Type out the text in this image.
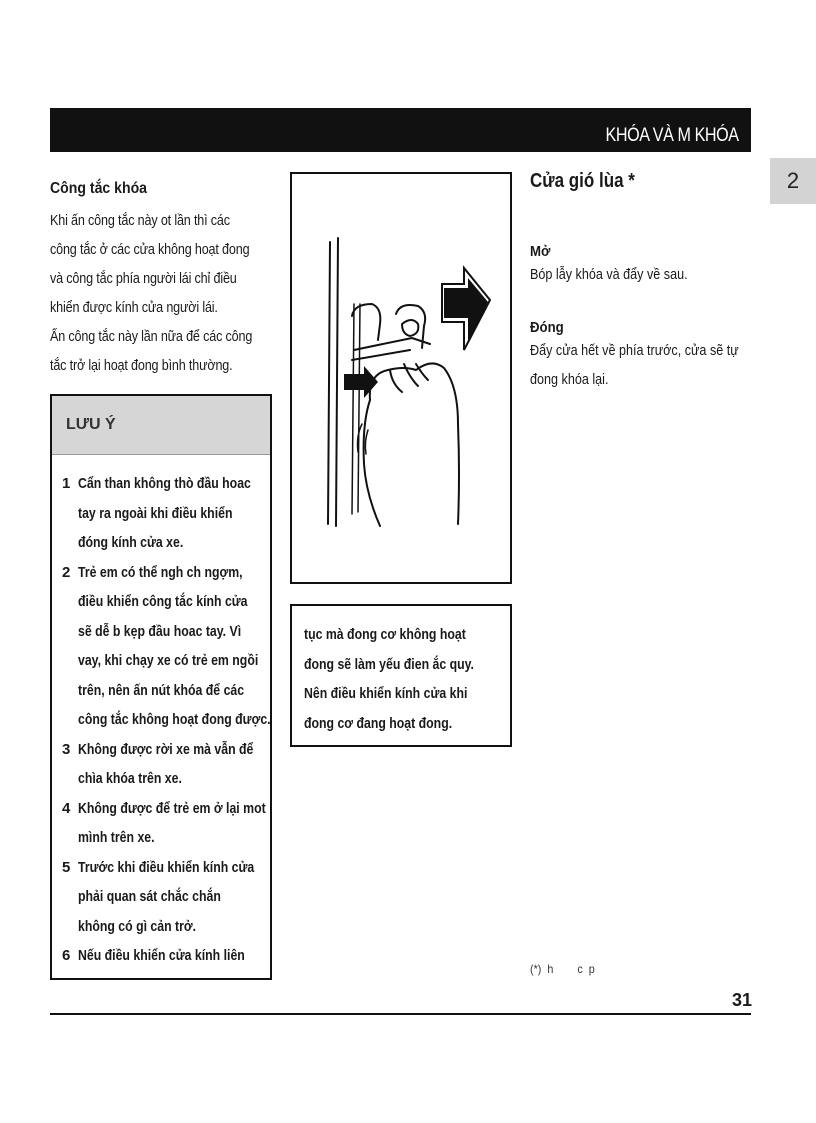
KHÓA VÀ M KHÓA
2

Công tắc khóa

Khi ấn công tắc này ot lần thì các
công tắc ở các cửa không hoạt đong
và công tắc phía người lái chỉ điều
khiển được kính cửa người lái.
Ấn công tắc này lần nữa để các công
tắc trở lại hoạt đong bình thường.

LƯU Ý
1 Cẩn than không thò đầu hoac
tay ra ngoài khi điều khiển
đóng kính cửa xe.
2 Trẻ em có thể ngh ch ngợm,
điều khiển công tắc kính cửa
sẽ dễ b kẹp đầu hoac tay. Vì
vay, khi chạy xe có trẻ em ngồi
trên, nên ấn nút khóa để các
công tắc không hoạt đong được.
3 Không được rời xe mà vẫn để
chìa khóa trên xe.
4 Không được để trẻ em ở lại mot
mình trên xe.
5 Trước khi điều khiển kính cửa
phải quan sát chắc chắn
không có gì cản trở.
6 Nếu điều khiển cửa kính liên
tục mà đong cơ không hoạt
đong sẽ làm yếu đien ắc quy.
Nên điều khiển kính cửa khi
đong cơ đang hoạt đong.

Cửa gió lùa *

Mở

Bóp lẫy khóa và đẩy về sau.

Đóng

Đẩy cửa hết về phía trước, cửa sẽ tự
đong khóa lại.

(*)  h        c  p
31
